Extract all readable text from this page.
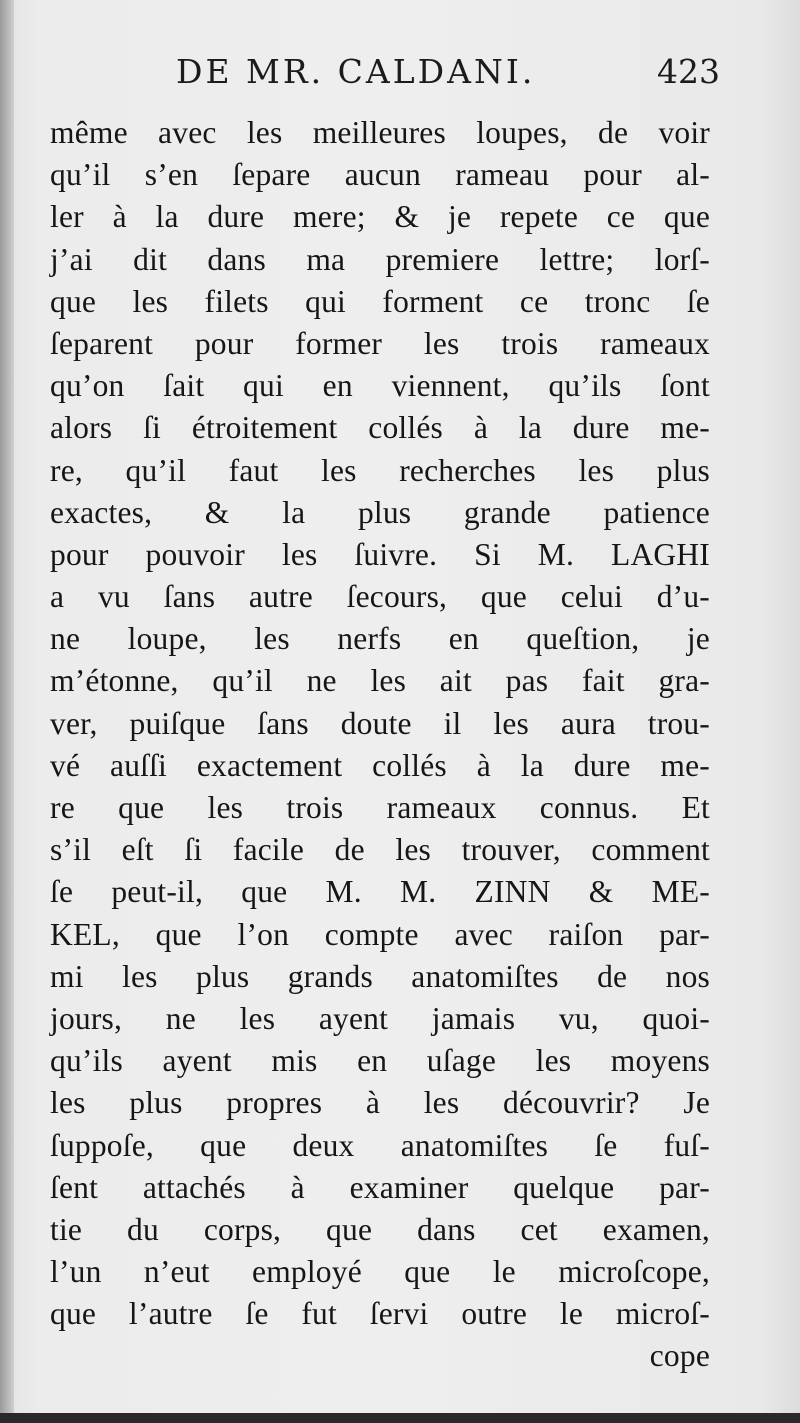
DE MR. CALDANI.	423
même avec les meilleures loupes, de voir
qu’il s’en ſepare aucun rameau pour al-
ler à la dure mere; & je repete ce que
j’ai dit dans ma premiere lettre; lorſ-
que les filets qui forment ce tronc ſe
ſeparent pour former les trois rameaux
qu’on ſait qui en viennent, qu’ils ſont
alors ſi étroitement collés à la dure me-
re, qu’il faut les recherches les plus
exactes, & la plus grande patience
pour pouvoir les ſuivre. Si M. LAGHI
a vu ſans autre ſecours, que celui d’u-
ne loupe, les nerfs en queſtion, je
m’étonne, qu’il ne les ait pas fait gra-
ver, puiſque ſans doute il les aura trou-
vé auſſi exactement collés à la dure me-
re que les trois rameaux connus. Et
s’il eſt ſi facile de les trouver, comment
ſe peut-il, que M. M. ZINN & ME-
KEL, que l’on compte avec raiſon par-
mi les plus grands anatomiſtes de nos
jours, ne les ayent jamais vu, quoi-
qu’ils ayent mis en uſage les moyens
les plus propres à les découvrir? Je
ſuppoſe, que deux anatomiſtes ſe fuſ-
ſent attachés à examiner quelque par-
tie du corps, que dans cet examen,
l’un n’eut employé que le microſcope,
que l’autre ſe fut ſervi outre le microſ-
cope
